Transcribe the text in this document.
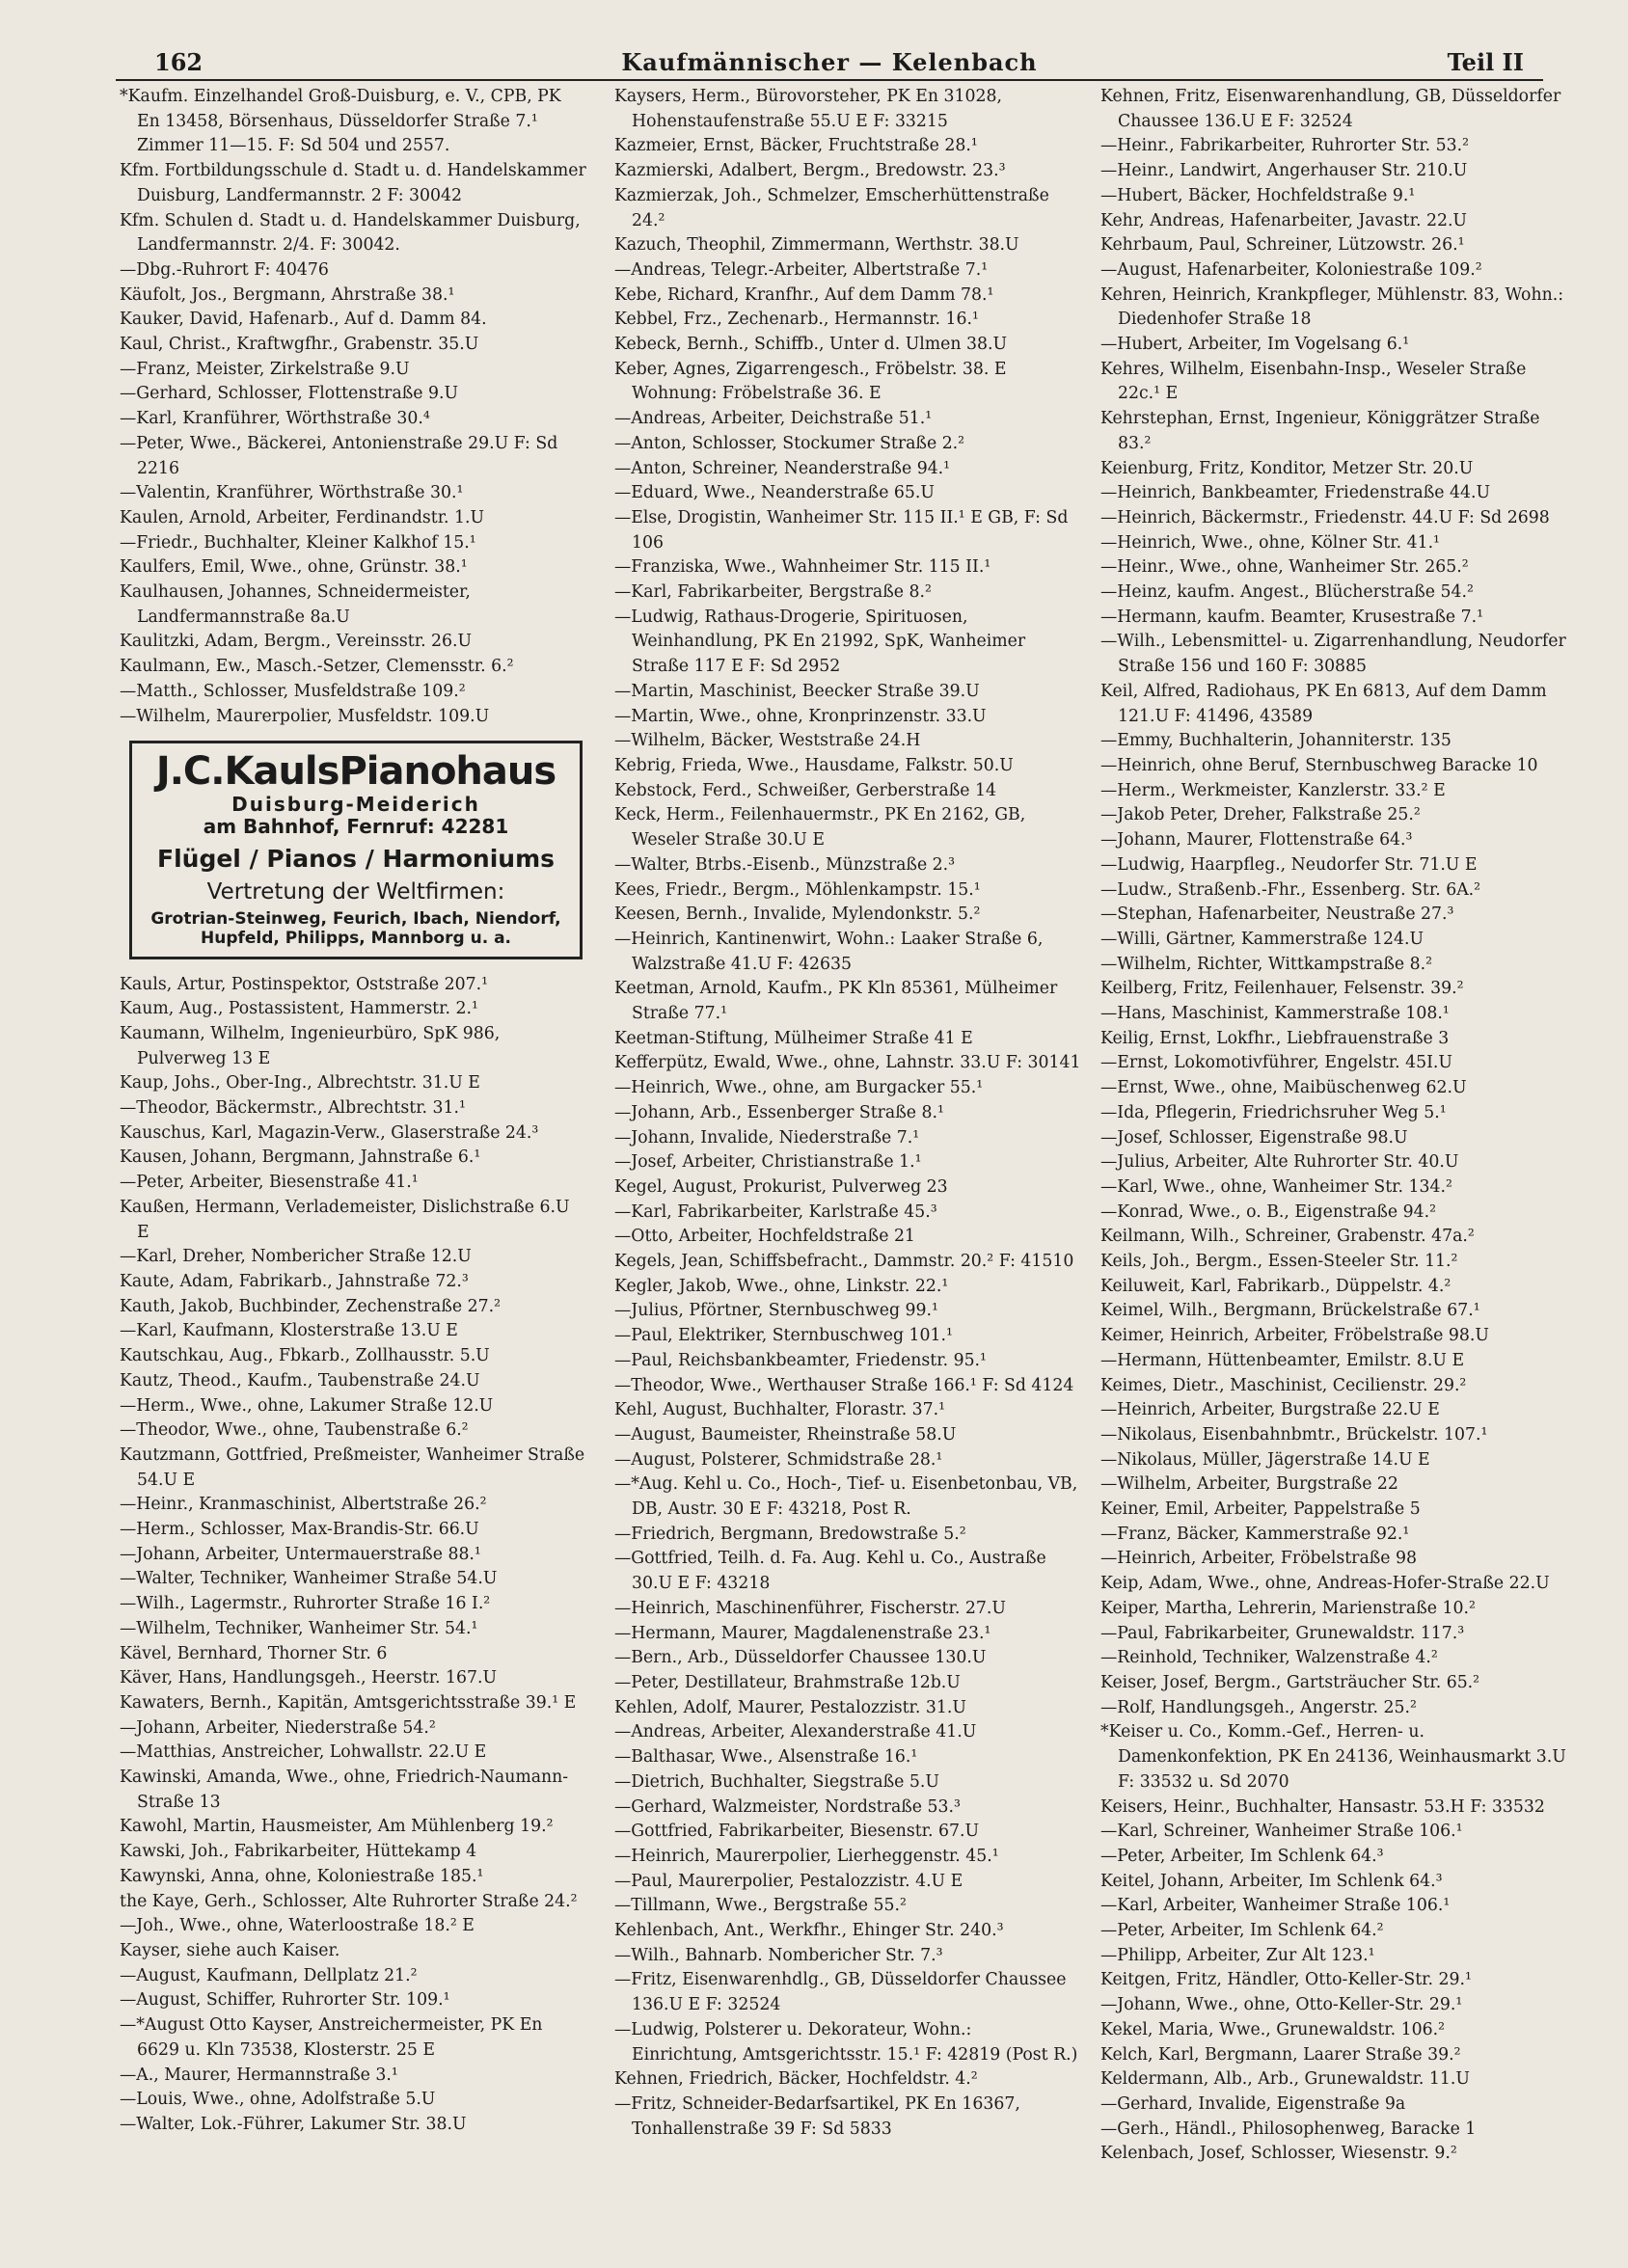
Kaufmännischer — Kelenbach
162	Teil II

*Kaufm. Einzelhandel Groß-Duisburg, e. V., CPB, PK En 13458, Börsenhaus, Düsseldorfer Straße 7.¹ Zimmer 11—15. F: Sd 504 und 2557.

Kfm. Fortbildungsschule d. Stadt u. d. Handelskammer Duisburg, Landfermannstr. 2 F: 30042

Kfm. Schulen d. Stadt u. d. Handelskammer Duisburg, Landfermannstr. 2/4. F: 30042.

—Dbg.-Ruhrort F: 40476

Käufolt, Jos., Bergmann, Ahrstraße 38.¹

Kauker, David, Hafenarb., Auf d. Damm 84.

Kaul, Christ., Kraftwgfhr., Grabenstr. 35.U

—Franz, Meister, Zirkelstraße 9.U

—Gerhard, Schlosser, Flottenstraße 9.U

—Karl, Kranführer, Wörthstraße 30.⁴

—Peter, Wwe., Bäckerei, Antonienstraße 29.U F: Sd 2216

—Valentin, Kranführer, Wörthstraße 30.¹

Kaulen, Arnold, Arbeiter, Ferdinandstr. 1.U

—Friedr., Buchhalter, Kleiner Kalkhof 15.¹

Kaulfers, Emil, Wwe., ohne, Grünstr. 38.¹

Kaulhausen, Johannes, Schneidermeister, Landfermannstraße 8a.U

Kaulitzki, Adam, Bergm., Vereinsstr. 26.U

Kaulmann, Ew., Masch.-Setzer, Clemensstr. 6.²

—Matth., Schlosser, Musfeldstraße 109.²

—Wilhelm, Maurerpolier, Musfeldstr. 109.U

J.C.KaulsPianohaus
Duisburg-Meiderich
am Bahnhof, Fernruf: 42281
Flügel / Pianos / Harmoniums
Vertretung der Weltfirmen:
Grotrian-Steinweg, Feurich, Ibach, Niendorf,
Hupfeld, Philipps, Mannborg u. a.

Kauls, Artur, Postinspektor, Oststraße 207.¹

Kaum, Aug., Postassistent, Hammerstr. 2.¹

Kaumann, Wilhelm, Ingenieurbüro, SpK 986, Pulverweg 13 E

Kaup, Johs., Ober-Ing., Albrechtstr. 31.U E

—Theodor, Bäckermstr., Albrechtstr. 31.¹

Kauschus, Karl, Magazin-Verw., Glaserstraße 24.³

Kausen, Johann, Bergmann, Jahnstraße 6.¹

—Peter, Arbeiter, Biesenstraße 41.¹

Kaußen, Hermann, Verlademeister, Dislichstraße 6.U E

—Karl, Dreher, Nombericher Straße 12.U

Kaute, Adam, Fabrikarb., Jahnstraße 72.³

Kauth, Jakob, Buchbinder, Zechenstraße 27.²

—Karl, Kaufmann, Klosterstraße 13.U E

Kautschkau, Aug., Fbkarb., Zollhausstr. 5.U

Kautz, Theod., Kaufm., Taubenstraße 24.U

—Herm., Wwe., ohne, Lakumer Straße 12.U

—Theodor, Wwe., ohne, Taubenstraße 6.²

Kautzmann, Gottfried, Preßmeister, Wanheimer Straße 54.U E

—Heinr., Kranmaschinist, Albertstraße 26.²

—Herm., Schlosser, Max-Brandis-Str. 66.U

—Johann, Arbeiter, Untermauerstraße 88.¹

—Walter, Techniker, Wanheimer Straße 54.U

—Wilh., Lagermstr., Ruhrorter Straße 16 I.²

—Wilhelm, Techniker, Wanheimer Str. 54.¹

Kävel, Bernhard, Thorner Str. 6

Käver, Hans, Handlungsgeh., Heerstr. 167.U

Kawaters, Bernh., Kapitän, Amtsgerichtsstraße 39.¹ E

—Johann, Arbeiter, Niederstraße 54.²

—Matthias, Anstreicher, Lohwallstr. 22.U E

Kawinski, Amanda, Wwe., ohne, Friedrich-Naumann-Straße 13

Kawohl, Martin, Hausmeister, Am Mühlenberg 19.²

Kawski, Joh., Fabrikarbeiter, Hüttekamp 4

Kawynski, Anna, ohne, Koloniestraße 185.¹

the Kaye, Gerh., Schlosser, Alte Ruhrorter Straße 24.²

—Joh., Wwe., ohne, Waterloostraße 18.² E

Kayser, siehe auch Kaiser.

—August, Kaufmann, Dellplatz 21.²

—August, Schiffer, Ruhrorter Str. 109.¹

—*August Otto Kayser, Anstreichermeister, PK En 6629 u. Kln 73538, Klosterstr. 25 E

—A., Maurer, Hermannstraße 3.¹

—Louis, Wwe., ohne, Adolfstraße 5.U

—Walter, Lok.-Führer, Lakumer Str. 38.U

Kaysers, Herm., Bürovorsteher, PK En 31028, Hohenstaufenstraße 55.U E F: 33215

Kazmeier, Ernst, Bäcker, Fruchtstraße 28.¹

Kazmierski, Adalbert, Bergm., Bredowstr. 23.³

Kazmierzak, Joh., Schmelzer, Emscherhüttenstraße 24.²

Kazuch, Theophil, Zimmermann, Werthstr. 38.U

—Andreas, Telegr.-Arbeiter, Albertstraße 7.¹

Kebe, Richard, Kranfhr., Auf dem Damm 78.¹

Kebbel, Frz., Zechenarb., Hermannstr. 16.¹

Kebeck, Bernh., Schiffb., Unter d. Ulmen 38.U

Keber, Agnes, Zigarrengesch., Fröbelstr. 38. E Wohnung: Fröbelstraße 36. E

—Andreas, Arbeiter, Deichstraße 51.¹

—Anton, Schlosser, Stockumer Straße 2.²

—Anton, Schreiner, Neanderstraße 94.¹

—Eduard, Wwe., Neanderstraße 65.U

—Else, Drogistin, Wanheimer Str. 115 II.¹ E GB, F: Sd 106

—Franziska, Wwe., Wahnheimer Str. 115 II.¹

—Karl, Fabrikarbeiter, Bergstraße 8.²

—Ludwig, Rathaus-Drogerie, Spirituosen, Weinhandlung, PK En 21992, SpK, Wanheimer Straße 117 E F: Sd 2952

—Martin, Maschinist, Beecker Straße 39.U

—Martin, Wwe., ohne, Kronprinzenstr. 33.U

—Wilhelm, Bäcker, Weststraße 24.H

Kebrig, Frieda, Wwe., Hausdame, Falkstr. 50.U

Kebstock, Ferd., Schweißer, Gerberstraße 14

Keck, Herm., Feilenhauermstr., PK En 2162, GB, Weseler Straße 30.U E

—Walter, Btrbs.-Eisenb., Münzstraße 2.³

Kees, Friedr., Bergm., Möhlenkampstr. 15.¹

Keesen, Bernh., Invalide, Mylendonkstr. 5.²

—Heinrich, Kantinenwirt, Wohn.: Laaker Straße 6, Walzstraße 41.U F: 42635

Keetman, Arnold, Kaufm., PK Kln 85361, Mülheimer Straße 77.¹

Keetman-Stiftung, Mülheimer Straße 41 E

Kefferpütz, Ewald, Wwe., ohne, Lahnstr. 33.U F: 30141

—Heinrich, Wwe., ohne, am Burgacker 55.¹

—Johann, Arb., Essenberger Straße 8.¹

—Johann, Invalide, Niederstraße 7.¹

—Josef, Arbeiter, Christianstraße 1.¹

Kegel, August, Prokurist, Pulverweg 23

—Karl, Fabrikarbeiter, Karlstraße 45.³

—Otto, Arbeiter, Hochfeldstraße 21

Kegels, Jean, Schiffsbefracht., Dammstr. 20.² F: 41510

Kegler, Jakob, Wwe., ohne, Linkstr. 22.¹

—Julius, Pförtner, Sternbuschweg 99.¹

—Paul, Elektriker, Sternbuschweg 101.¹

—Paul, Reichsbankbeamter, Friedenstr. 95.¹

—Theodor, Wwe., Werthauser Straße 166.¹ F: Sd 4124

Kehl, August, Buchhalter, Florastr. 37.¹

—August, Baumeister, Rheinstraße 58.U

—August, Polsterer, Schmidstraße 28.¹

—*Aug. Kehl u. Co., Hoch-, Tief- u. Eisenbetonbau, VB, DB, Austr. 30 E F: 43218, Post R.

—Friedrich, Bergmann, Bredowstraße 5.²

—Gottfried, Teilh. d. Fa. Aug. Kehl u. Co., Austraße 30.U E F: 43218

—Heinrich, Maschinenführer, Fischerstr. 27.U

—Hermann, Maurer, Magdalenenstraße 23.¹

—Bern., Arb., Düsseldorfer Chaussee 130.U

—Peter, Destillateur, Brahmstraße 12b.U

Kehlen, Adolf, Maurer, Pestalozzistr. 31.U

—Andreas, Arbeiter, Alexanderstraße 41.U

—Balthasar, Wwe., Alsenstraße 16.¹

—Dietrich, Buchhalter, Siegstraße 5.U

—Gerhard, Walzmeister, Nordstraße 53.³

—Gottfried, Fabrikarbeiter, Biesenstr. 67.U

—Heinrich, Maurerpolier, Lierheggenstr. 45.¹

—Paul, Maurerpolier, Pestalozzistr. 4.U E

—Tillmann, Wwe., Bergstraße 55.²

Kehlenbach, Ant., Werkfhr., Ehinger Str. 240.³

—Wilh., Bahnarb. Nombericher Str. 7.³

—Fritz, Eisenwarenhdlg., GB, Düsseldorfer Chaussee 136.U E F: 32524

—Ludwig, Polsterer u. Dekorateur, Wohn.: Einrichtung, Amtsgerichtsstr. 15.¹ F: 42819 (Post R.)

Kehnen, Friedrich, Bäcker, Hochfeldstr. 4.²

—Fritz, Schneider-Bedarfsartikel, PK En 16367, Tonhallenstraße 39 F: Sd 5833

Kehnen, Fritz, Eisenwarenhandlung, GB, Düsseldorfer Chaussee 136.U E F: 32524

—Heinr., Fabrikarbeiter, Ruhrorter Str. 53.²

—Heinr., Landwirt, Angerhauser Str. 210.U

—Hubert, Bäcker, Hochfeldstraße 9.¹

Kehr, Andreas, Hafenarbeiter, Javastr. 22.U

Kehrbaum, Paul, Schreiner, Lützowstr. 26.¹

—August, Hafenarbeiter, Koloniestraße 109.²

Kehren, Heinrich, Krankpfleger, Mühlenstr. 83, Wohn.: Diedenhofer Straße 18

—Hubert, Arbeiter, Im Vogelsang 6.¹

Kehres, Wilhelm, Eisenbahn-Insp., Weseler Straße 22c.¹ E

Kehrstephan, Ernst, Ingenieur, Königgrätzer Straße 83.²

Keienburg, Fritz, Konditor, Metzer Str. 20.U

—Heinrich, Bankbeamter, Friedenstraße 44.U

—Heinrich, Bäckermstr., Friedenstr. 44.U F: Sd 2698

—Heinrich, Wwe., ohne, Kölner Str. 41.¹

—Heinr., Wwe., ohne, Wanheimer Str. 265.²

—Heinz, kaufm. Angest., Blücherstraße 54.²

—Hermann, kaufm. Beamter, Krusestraße 7.¹

—Wilh., Lebensmittel- u. Zigarrenhandlung, Neudorfer Straße 156 und 160 F: 30885

Keil, Alfred, Radiohaus, PK En 6813, Auf dem Damm 121.U F: 41496, 43589

—Emmy, Buchhalterin, Johanniterstr. 135

—Heinrich, ohne Beruf, Sternbuschweg Baracke 10

—Herm., Werkmeister, Kanzlerstr. 33.² E

—Jakob Peter, Dreher, Falkstraße 25.²

—Johann, Maurer, Flottenstraße 64.³

—Ludwig, Haarpfleg., Neudorfer Str. 71.U E

—Ludw., Straßenb.-Fhr., Essenberg. Str. 6A.²

—Stephan, Hafenarbeiter, Neustraße 27.³

—Willi, Gärtner, Kammerstraße 124.U

—Wilhelm, Richter, Wittkampstraße 8.²

Keilberg, Fritz, Feilenhauer, Felsenstr. 39.²

—Hans, Maschinist, Kammerstraße 108.¹

Keilig, Ernst, Lokfhr., Liebfrauenstraße 3

—Ernst, Lokomotivführer, Engelstr. 45I.U

—Ernst, Wwe., ohne, Maibüschenweg 62.U

—Ida, Pflegerin, Friedrichsruher Weg 5.¹

—Josef, Schlosser, Eigenstraße 98.U

—Julius, Arbeiter, Alte Ruhrorter Str. 40.U

—Karl, Wwe., ohne, Wanheimer Str. 134.²

—Konrad, Wwe., o. B., Eigenstraße 94.²

Keilmann, Wilh., Schreiner, Grabenstr. 47a.²

Keils, Joh., Bergm., Essen-Steeler Str. 11.²

Keiluweit, Karl, Fabrikarb., Düppelstr. 4.²

Keimel, Wilh., Bergmann, Brückelstraße 67.¹

Keimer, Heinrich, Arbeiter, Fröbelstraße 98.U

—Hermann, Hüttenbeamter, Emilstr. 8.U E

Keimes, Dietr., Maschinist, Cecilienstr. 29.²

—Heinrich, Arbeiter, Burgstraße 22.U E

—Nikolaus, Eisenbahnbmtr., Brückelstr. 107.¹

—Nikolaus, Müller, Jägerstraße 14.U E

—Wilhelm, Arbeiter, Burgstraße 22

Keiner, Emil, Arbeiter, Pappelstraße 5

—Franz, Bäcker, Kammerstraße 92.¹

—Heinrich, Arbeiter, Fröbelstraße 98

Keip, Adam, Wwe., ohne, Andreas-Hofer-Straße 22.U

Keiper, Martha, Lehrerin, Marienstraße 10.²

—Paul, Fabrikarbeiter, Grunewaldstr. 117.³

—Reinhold, Techniker, Walzenstraße 4.²

Keiser, Josef, Bergm., Gartsträucher Str. 65.²

—Rolf, Handlungsgeh., Angerstr. 25.²

*Keiser u. Co., Komm.-Gef., Herren- u. Damenkonfektion, PK En 24136, Weinhausmarkt 3.U F: 33532 u. Sd 2070

Keisers, Heinr., Buchhalter, Hansastr. 53.H F: 33532

—Karl, Schreiner, Wanheimer Straße 106.¹

—Peter, Arbeiter, Im Schlenk 64.³

Keitel, Johann, Arbeiter, Im Schlenk 64.³

—Karl, Arbeiter, Wanheimer Straße 106.¹

—Peter, Arbeiter, Im Schlenk 64.²

—Philipp, Arbeiter, Zur Alt 123.¹

Keitgen, Fritz, Händler, Otto-Keller-Str. 29.¹

—Johann, Wwe., ohne, Otto-Keller-Str. 29.¹

Kekel, Maria, Wwe., Grunewaldstr. 106.²

Kelch, Karl, Bergmann, Laarer Straße 39.²

Keldermann, Alb., Arb., Grunewaldstr. 11.U

—Gerhard, Invalide, Eigenstraße 9a

—Gerh., Händl., Philosophenweg, Baracke 1

Kelenbach, Josef, Schlosser, Wiesenstr. 9.²
